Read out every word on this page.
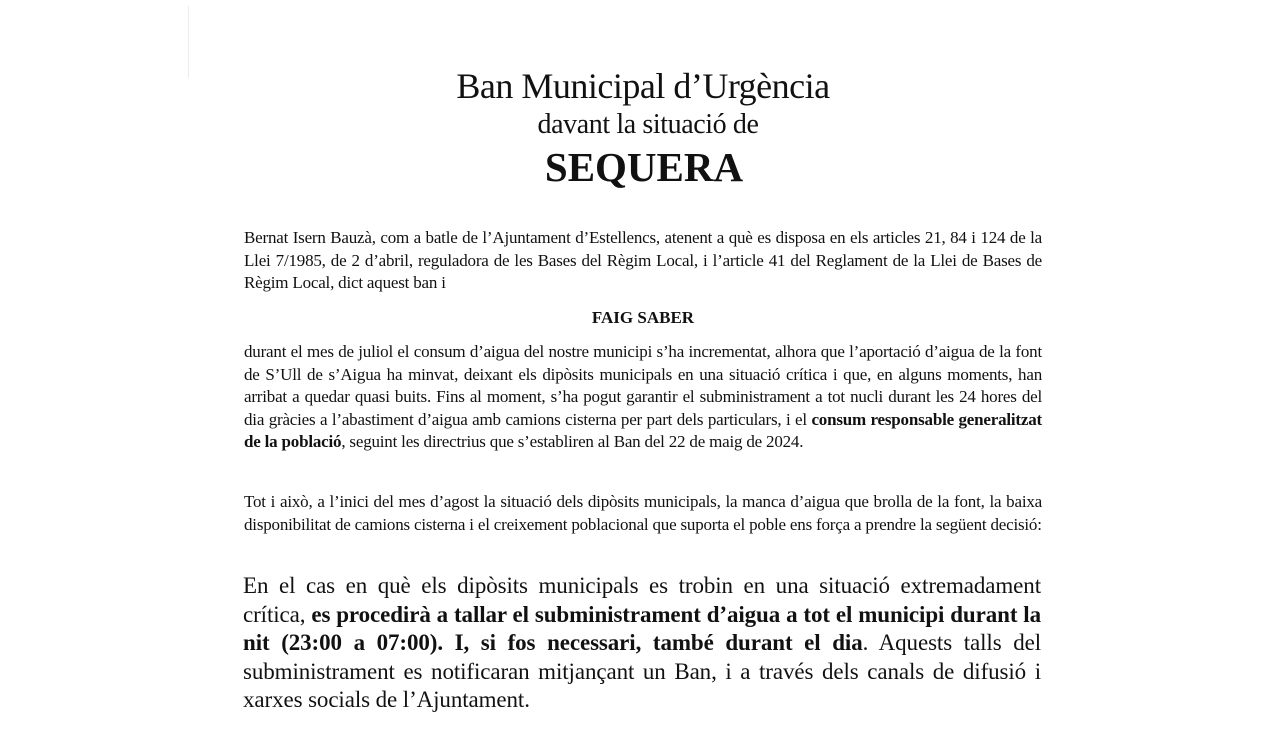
Ban Municipal d’Urgència
davant la situació de
SEQUERA
Bernat Isern Bauzà, com a batle de l’Ajuntament d’Estellencs, atenent a què es disposa en els articles 21, 84 i 124 de la Llei 7/1985, de 2 d’abril, reguladora de les Bases del Règim Local, i l’article 41 del Reglament de la Llei de Bases de Règim Local, dict aquest ban i
FAIG SABER
durant el mes de juliol el consum d’aigua del nostre municipi s’ha incrementat, alhora que l’aportació d’aigua de la font de S’Ull de s’Aigua ha minvat, deixant els dipòsits municipals en una situació crítica i que, en alguns moments, han arribat a quedar quasi buits. Fins al moment, s’ha pogut garantir el subministrament a tot nucli durant les 24 hores del dia gràcies a l’abastiment d’aigua amb camions cisterna per part dels particulars, i el consum responsable generalitzat de la població, seguint les directrius que s’establiren al Ban del 22 de maig de 2024.
Tot i això, a l’inici del mes d’agost la situació dels dipòsits municipals, la manca d’aigua que brolla de la font, la baixa disponibilitat de camions cisterna i el creixement poblacional que suporta el poble ens força a prendre la següent decisió:
En el cas en què els dipòsits municipals es trobin en una situació extremadament crítica, es procedirà a tallar el subministrament d’aigua a tot el municipi durant la nit (23:00 a 07:00). I, si fos necessari, també durant el dia. Aquests talls del subministrament es notificaran mitjançant un Ban, i a través dels canals de difusió i xarxes socials de l’Ajuntament.
